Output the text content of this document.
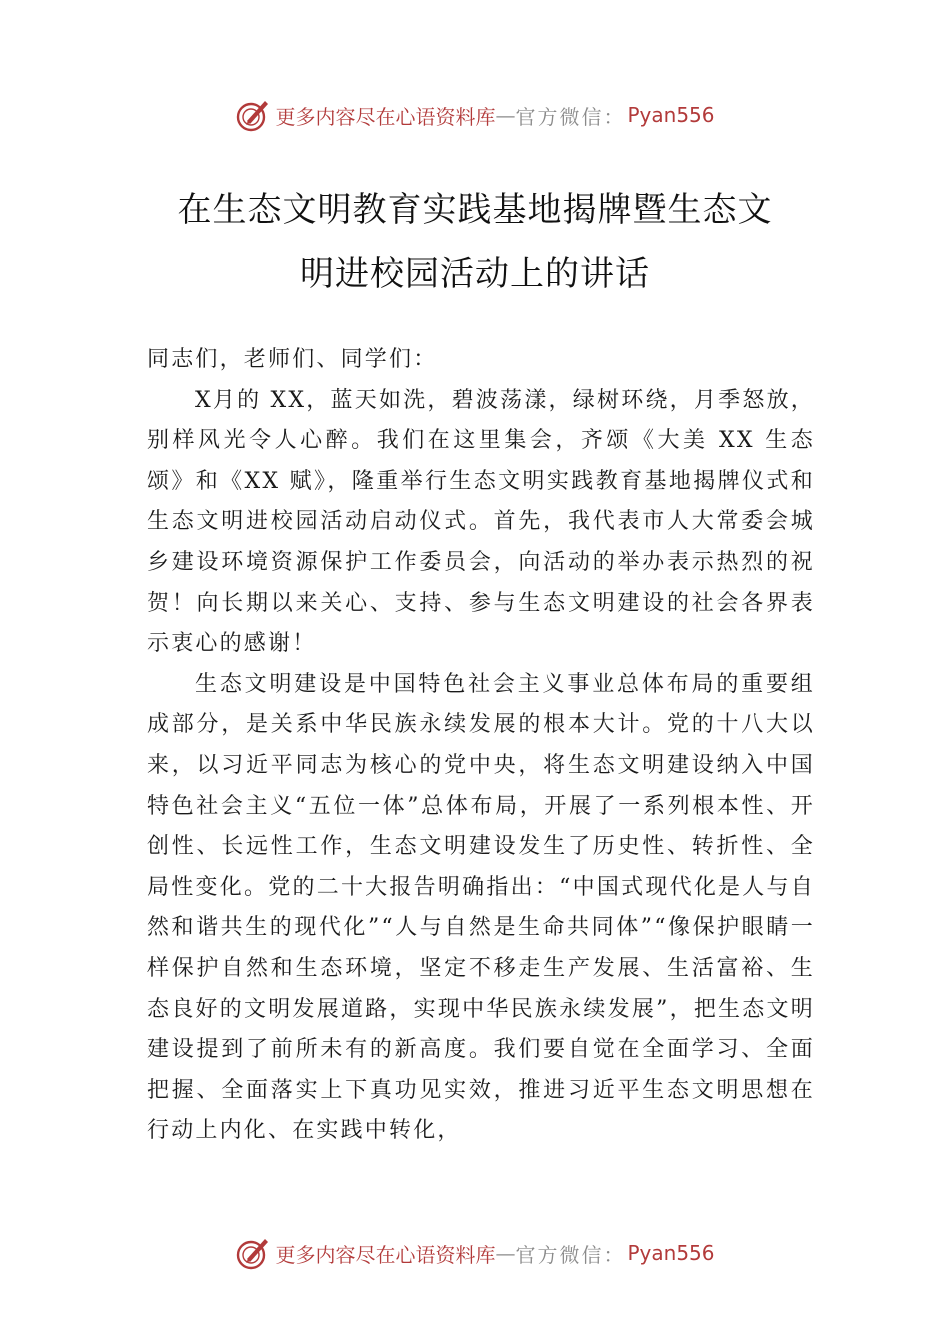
更多内容尽在心语资料库 — 官方微信： Pyan556
在生态文明教育实践基地揭牌暨生态文
明进校园活动上的讲话

同志们，老师们、同学们：

X月的 XX，蓝天如洗，碧波荡漾，绿树环绕，月季怒放，别样风光令人心醉。我们在这里集会，齐颂《大美 XX 生态颂》和《XX 赋》，隆重举行生态文明实践教育基地揭牌仪式和生态文明进校园活动启动仪式。首先，我代表市人大常委会城乡建设环境资源保护工作委员会，向活动的举办表示热烈的祝贺！向长期以来关心、支持、参与生态文明建设的社会各界表示衷心的感谢！

生态文明建设是中国特色社会主义事业总体布局的重要组成部分，是关系中华民族永续发展的根本大计。党的十八大以来，以习近平同志为核心的党中央，将生态文明建设纳入中国特色社会主义“五位一体”总体布局，开展了一系列根本性、开创性、长远性工作，生态文明建设发生了历史性、转折性、全局性变化。党的二十大报告明确指出：“中国式现代化是人与自然和谐共生的现代化”“人与自然是生命共同体”“像保护眼睛一样保护自然和生态环境，坚定不移走生产发展、生活富裕、生态良好的文明发展道路，实现中华民族永续发展”，把生态文明建设提到了前所未有的新高度。我们要自觉在全面学习、全面把握、全面落实上下真功见实效，推进习近平生态文明思想在行动上内化、在实践中转化，

更多内容尽在心语资料库 — 官方微信： Pyan556
